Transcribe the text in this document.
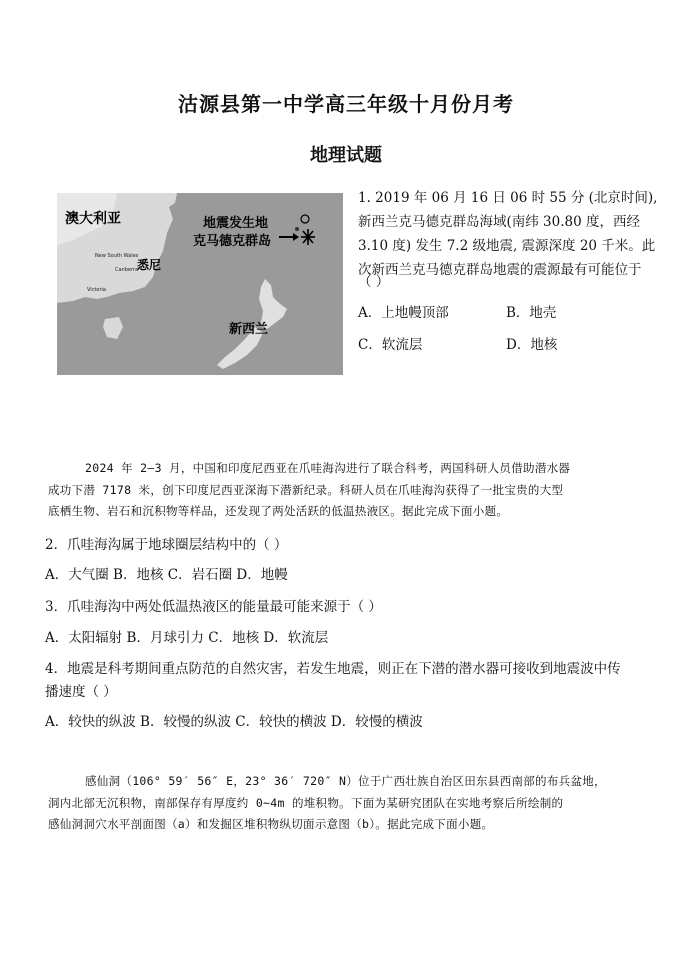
沽源县第一中学高三年级十月份月考
地理试题
澳大利亚
悉尼
地震发生地
克马德克群岛
新西兰
New South Wales
Canberra
Victoria
1. 2019 年 06 月 16 日 06 时 55 分 (北京时间),
新西兰克马德克群岛海域(南纬 30.80 度，西经
3.10 度) 发生 7.2 级地震, 震源深度 20 千米。此
次新西兰克马德克群岛地震的震源最有可能位于
（ ）
A．上地幔顶部	B．地壳
C．软流层	D．地核
2024 年 2—3 月，中国和印度尼西亚在爪哇海沟进行了联合科考，两国科研人员借助潜水器
成功下潜 7178 米，创下印度尼西亚深海下潜新纪录。科研人员在爪哇海沟获得了一批宝贵的大型
底栖生物、岩石和沉积物等样品，还发现了两处活跃的低温热液区。据此完成下面小题。
2．爪哇海沟属于地球圈层结构中的（ ）
A．大气圈 B．地核 C．岩石圈 D．地幔
3．爪哇海沟中两处低温热液区的能量最可能来源于（ ）
A．太阳辐射 B．月球引力 C．地核 D．软流层
4．地震是科考期间重点防范的自然灾害，若发生地震，则正在下潜的潜水器可接收到地震波中传
播速度（ ）
A．较快的纵波 B．较慢的纵波 C．较快的横波 D．较慢的横波
感仙洞（106° 59′ 56″ E，23° 36′ 720″ N）位于广西壮族自治区田东县西南部的布兵盆地，
洞内北部无沉积物，南部保存有厚度约 0~4m 的堆积物。下面为某研究团队在实地考察后所绘制的
感仙洞洞穴水平剖面图（a）和发掘区堆积物纵切面示意图（b）。据此完成下面小题。
